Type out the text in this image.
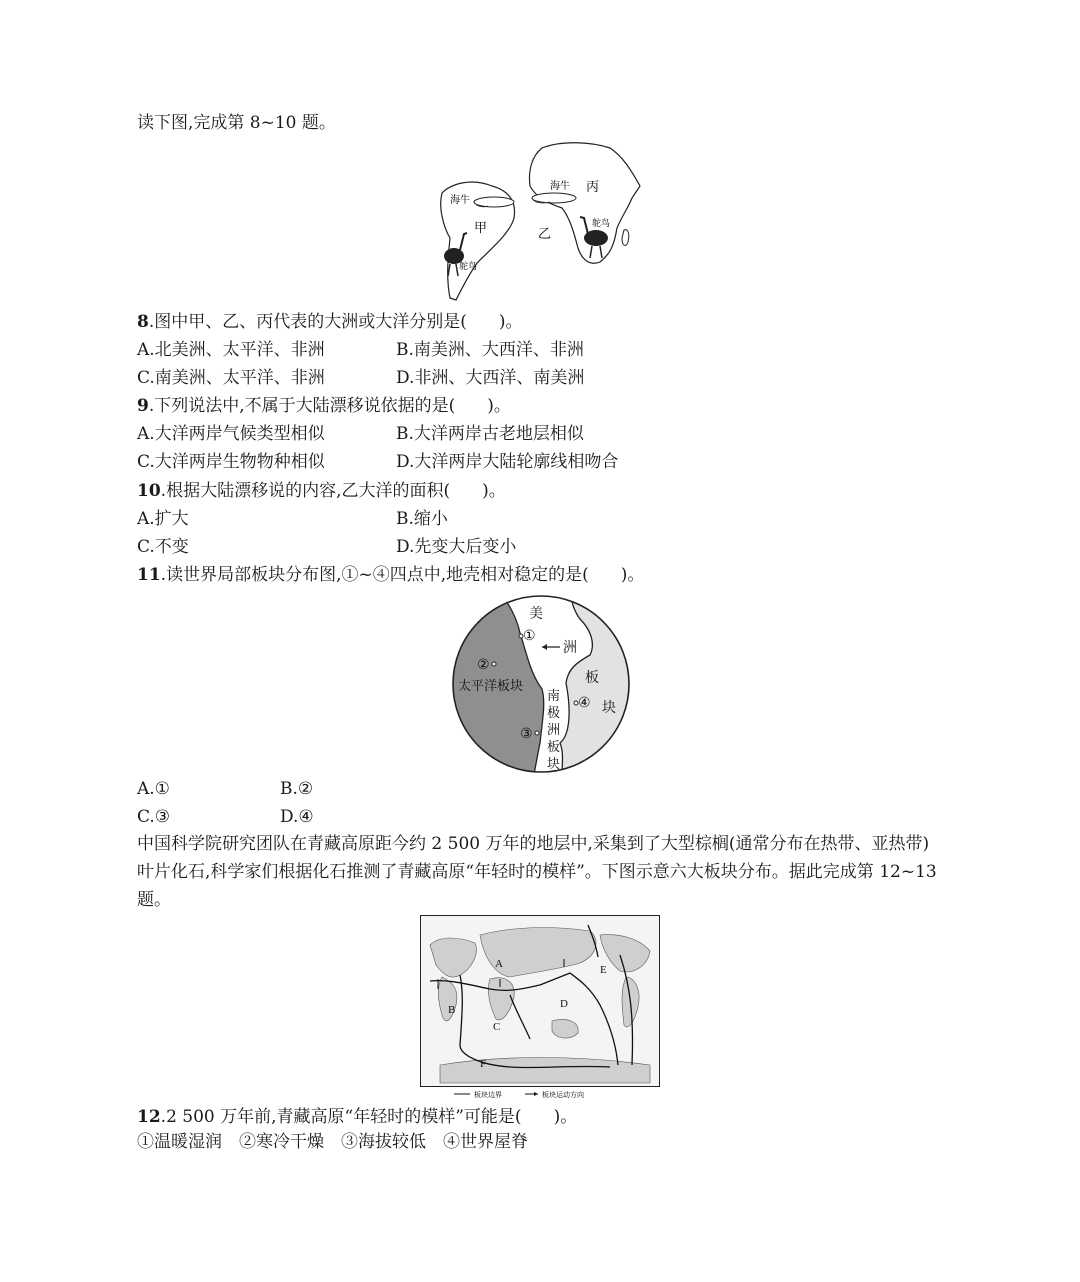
读下图,完成第 8~10 题。
海牛
海牛 丙
甲	乙
鸵鸟
鸵鸟
8.图中甲、乙、丙代表的大洲或大洋分别是( )。
A.北美洲、太平洋、非洲	B.南美洲、大西洋、非洲
C.南美洲、太平洋、非洲	D.非洲、大西洋、南美洲
9.下列说法中,不属于大陆漂移说依据的是( )。
A.大洋两岸气候类型相似	B.大洋两岸古老地层相似
C.大洋两岸生物物种相似	D.大洋两岸大陆轮廓线相吻合
10.根据大陆漂移说的内容,乙大洋的面积( )。
A.扩大	B.缩小
C.不变	D.先变大后变小
11.读世界局部板块分布图,①~④四点中,地壳相对稳定的是( )。
美
①
洲
②
太平洋板块	板
④ 块
③
南
极
洲
板
块
A.①	B.②
C.③	D.④
中国科学院研究团队在青藏高原距今约 2 500 万年的地层中,采集到了大型棕榈(通常分布在热带、亚热带)叶片化石,科学家们根据化石推测了青藏高原“年轻时的模样”。下图示意六大板块分布。据此完成第 12~13 题。
A
B
C
D
E
F
板块边界	板块运动方向
12.2 500 万年前,青藏高原“年轻时的模样”可能是( )。
①温暖湿润　②寒冷干燥　③海拔较低　④世界屋脊
